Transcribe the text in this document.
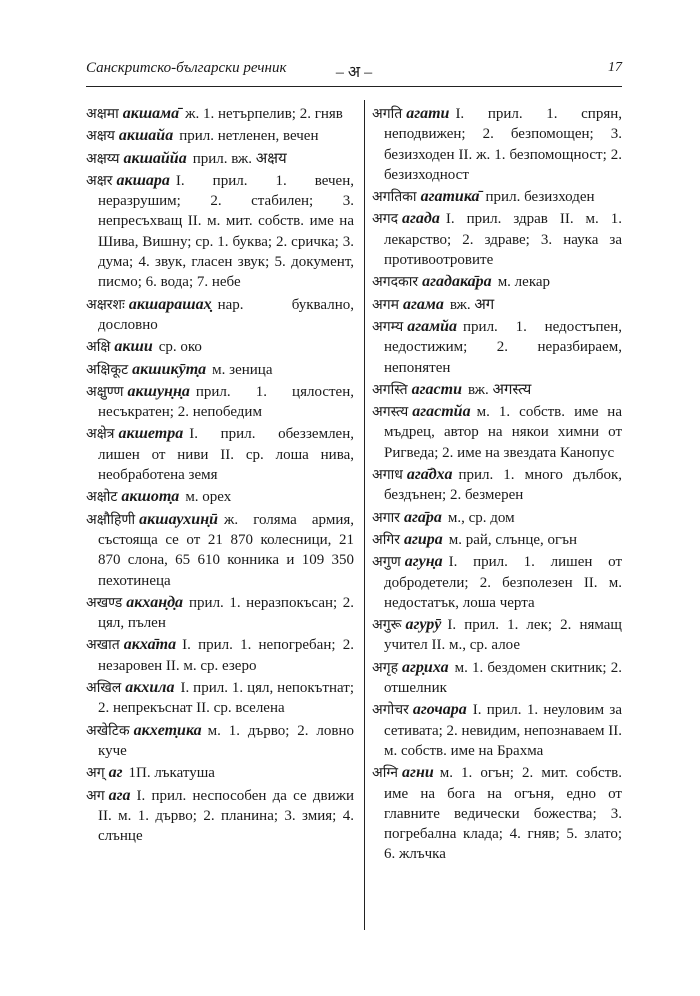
Санскритско-български речник	– अ –	17

अक्षमा акшама̄ ж. 1. нетърпелив; 2. гняв

अक्षय акшайа прил. нетленен, вечен

अक्षय्य акшаййа прил. вж. अक्षय

अक्षर акшара I. прил. 1. вечен, неразрушим; 2. стабилен; 3. непресъхващ II. м. мит. собств. име на Шива, Вишну; ср. 1. буква; 2. сричка; 3. дума; 4. звук, гласен звук; 5. документ, писмо; 6. вода; 7. небе

अक्षरशः акшарашах̣ нар. буквално, дословно

अक्षि акши ср. око

अक्षिकूट акшикӯт̣а м. зеница

अक्षुण्ण акшун̣н̣а прил. 1. цялостен, несъкратен; 2. непобедим

अक्षेत्र акшетра I. прил. обезземлен, лишен от ниви II. ср. лоша нива, необработена земя

अक्षोट акшот̣а м. орех

अक्षौहिणी акшаухин̣ӣ ж. голяма армия, състояща се от 21 870 колесници, 21 870 слона, 65 610 конника и 109 350 пехотинеца

अखण्ड акхан̣д̣а прил. 1. неразпокъсан; 2. цял, пълен

अखात акха̄та I. прил. 1. непогребан; 2. незаровен II. м. ср. езеро

अखिल акхила I. прил. 1. цял, непокътнат; 2. непрекъснат II. ср. вселена

अखेटिक акхет̣ика м. 1. дърво; 2. ловно куче

अग् аг 1П. лъкатуша

अग ага I. прил. неспособен да се движи II. м. 1. дърво; 2. планина; 3. змия; 4. слънце

अगति агати I. прил. 1. спрян, неподвижен; 2. безпомощен; 3. безизходен II. ж. 1. безпомощност; 2. безизходност

अगतिका агатика̄ прил. безизходен

अगद агада I. прил. здрав II. м. 1. лекарство; 2. здраве; 3. наука за противоотровите

अगदकार агадака̄ра м. лекар

अगम агама вж. अग

अगम्य агамйа прил. 1. недостъпен, недостижим; 2. неразбирaем, непонятен

अगस्ति агасти вж. अगस्त्य

अगस्त्य агастйа м. 1. собств. име на мъдрец, автор на някои химни от Ригведа; 2. име на звездата Канопус

अगाध ага̄дха прил. 1. много дълбок, бездънен; 2. безмерен

अगार ага̄ра м., ср. дом

अगिर агира м. рай, слънце, огън

अगुण агун̣а I. прил. 1. лишен от добродетели; 2. безполезен II. м. недостатък, лоша черта

अगुरू агурӯ I. прил. 1. лек; 2. нямащ учител II. м., ср. алое

अगृह агр̣иха м. 1. бездомен скитник; 2. отшелник

अगोचर агочара I. прил. 1. неуловим за сетивата; 2. невидим, непознаваем II. м. собств. име на Брахма

अग्नि агни м. 1. огън; 2. мит. собств. име на бога на огъня, едно от главните ведически божества; 3. погребална клада; 4. гняв; 5. злато; 6. жлъчка
